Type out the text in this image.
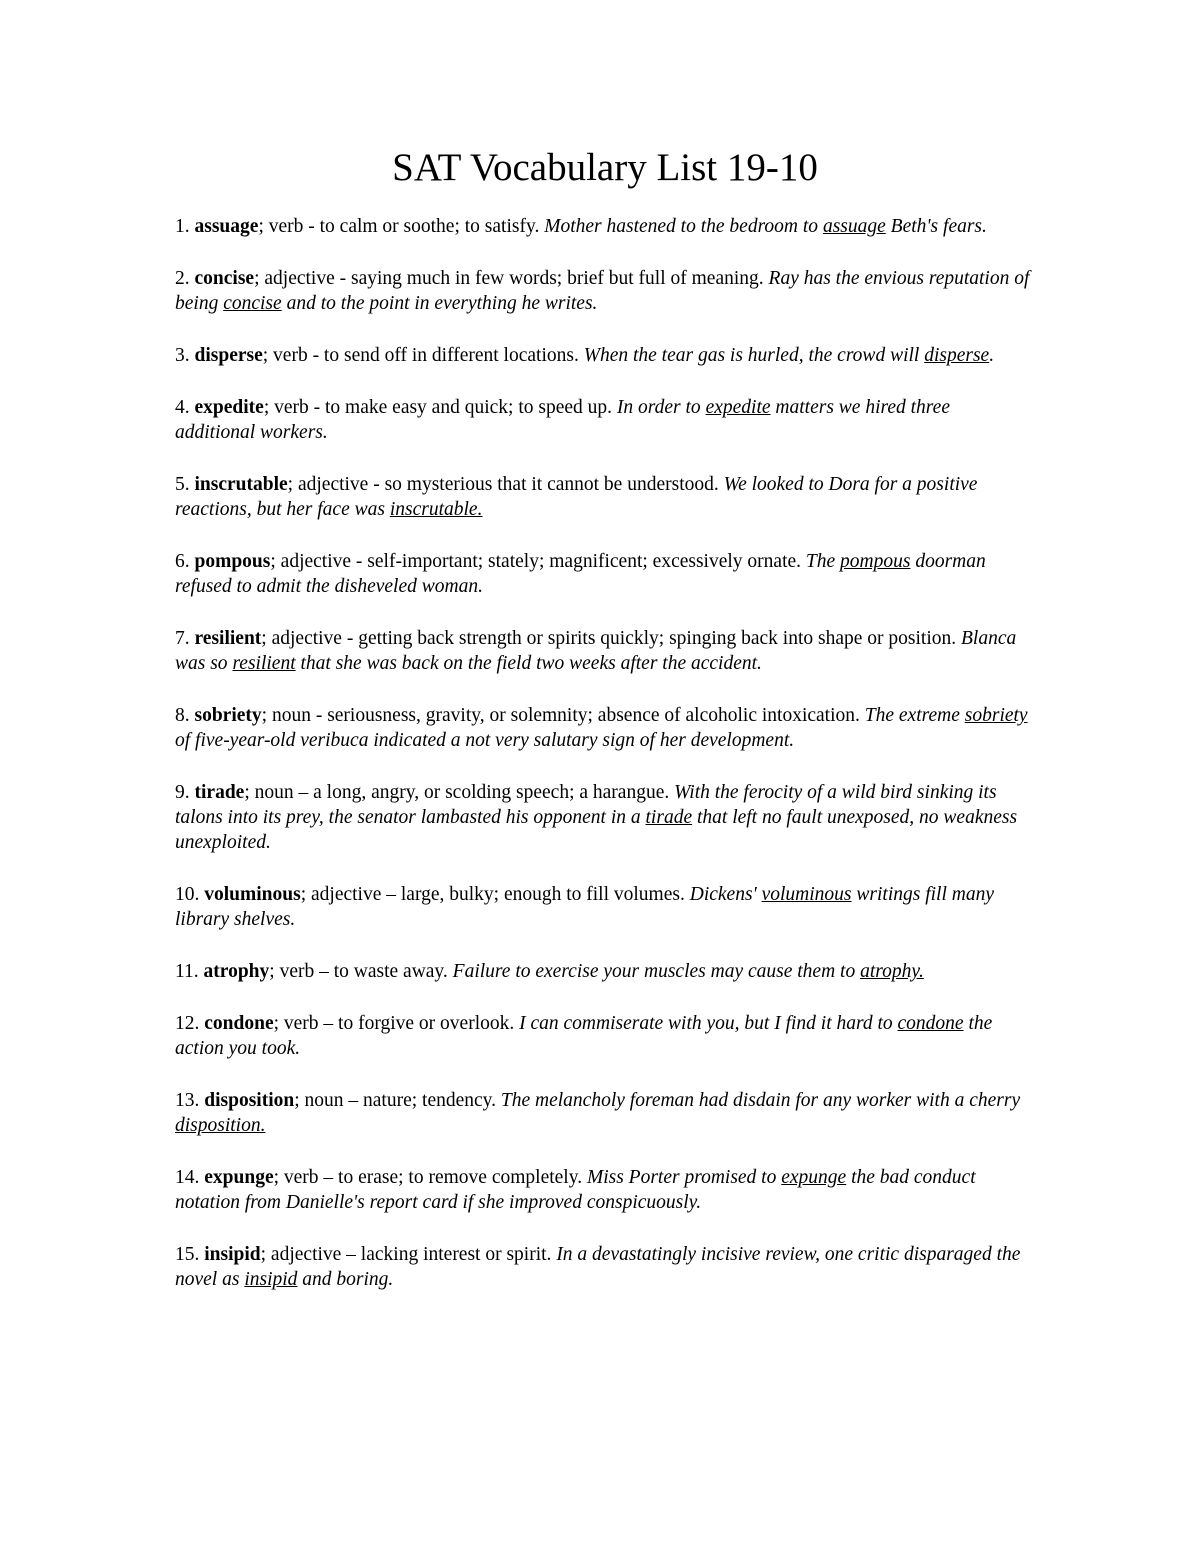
SAT Vocabulary List 19-10
1. assuage; verb - to calm or soothe; to satisfy. Mother hastened to the bedroom to assuage Beth's fears.
2. concise; adjective - saying much in few words; brief but full of meaning. Ray has the envious reputation of being concise and to the point in everything he writes.
3. disperse; verb - to send off in different locations. When the tear gas is hurled, the crowd will disperse.
4. expedite; verb - to make easy and quick; to speed up. In order to expedite matters we hired three additional workers.
5. inscrutable; adjective - so mysterious that it cannot be understood. We looked to Dora for a positive reactions, but her face was inscrutable.
6. pompous; adjective - self-important; stately; magnificent; excessively ornate. The pompous doorman refused to admit the disheveled woman.
7. resilient; adjective - getting back strength or spirits quickly; spinging back into shape or position. Blanca was so resilient that she was back on the field two weeks after the accident.
8. sobriety; noun - seriousness, gravity, or solemnity; absence of alcoholic intoxication. The extreme sobriety of five-year-old veribuca indicated a not very salutary sign of her development.
9. tirade; noun – a long, angry, or scolding speech; a harangue. With the ferocity of a wild bird sinking its talons into its prey, the senator lambasted his opponent in a tirade that left no fault unexposed, no weakness unexploited.
10. voluminous; adjective – large, bulky; enough to fill volumes. Dickens' voluminous writings fill many library shelves.
11. atrophy; verb – to waste away. Failure to exercise your muscles may cause them to atrophy.
12. condone; verb – to forgive or overlook. I can commiserate with you, but I find it hard to condone the action you took.
13. disposition; noun – nature; tendency. The melancholy foreman had disdain for any worker with a cherry disposition.
14. expunge; verb – to erase; to remove completely. Miss Porter promised to expunge the bad conduct notation from Danielle's report card if she improved conspicuously.
15. insipid; adjective – lacking interest or spirit. In a devastatingly incisive review, one critic disparaged the novel as insipid and boring.
